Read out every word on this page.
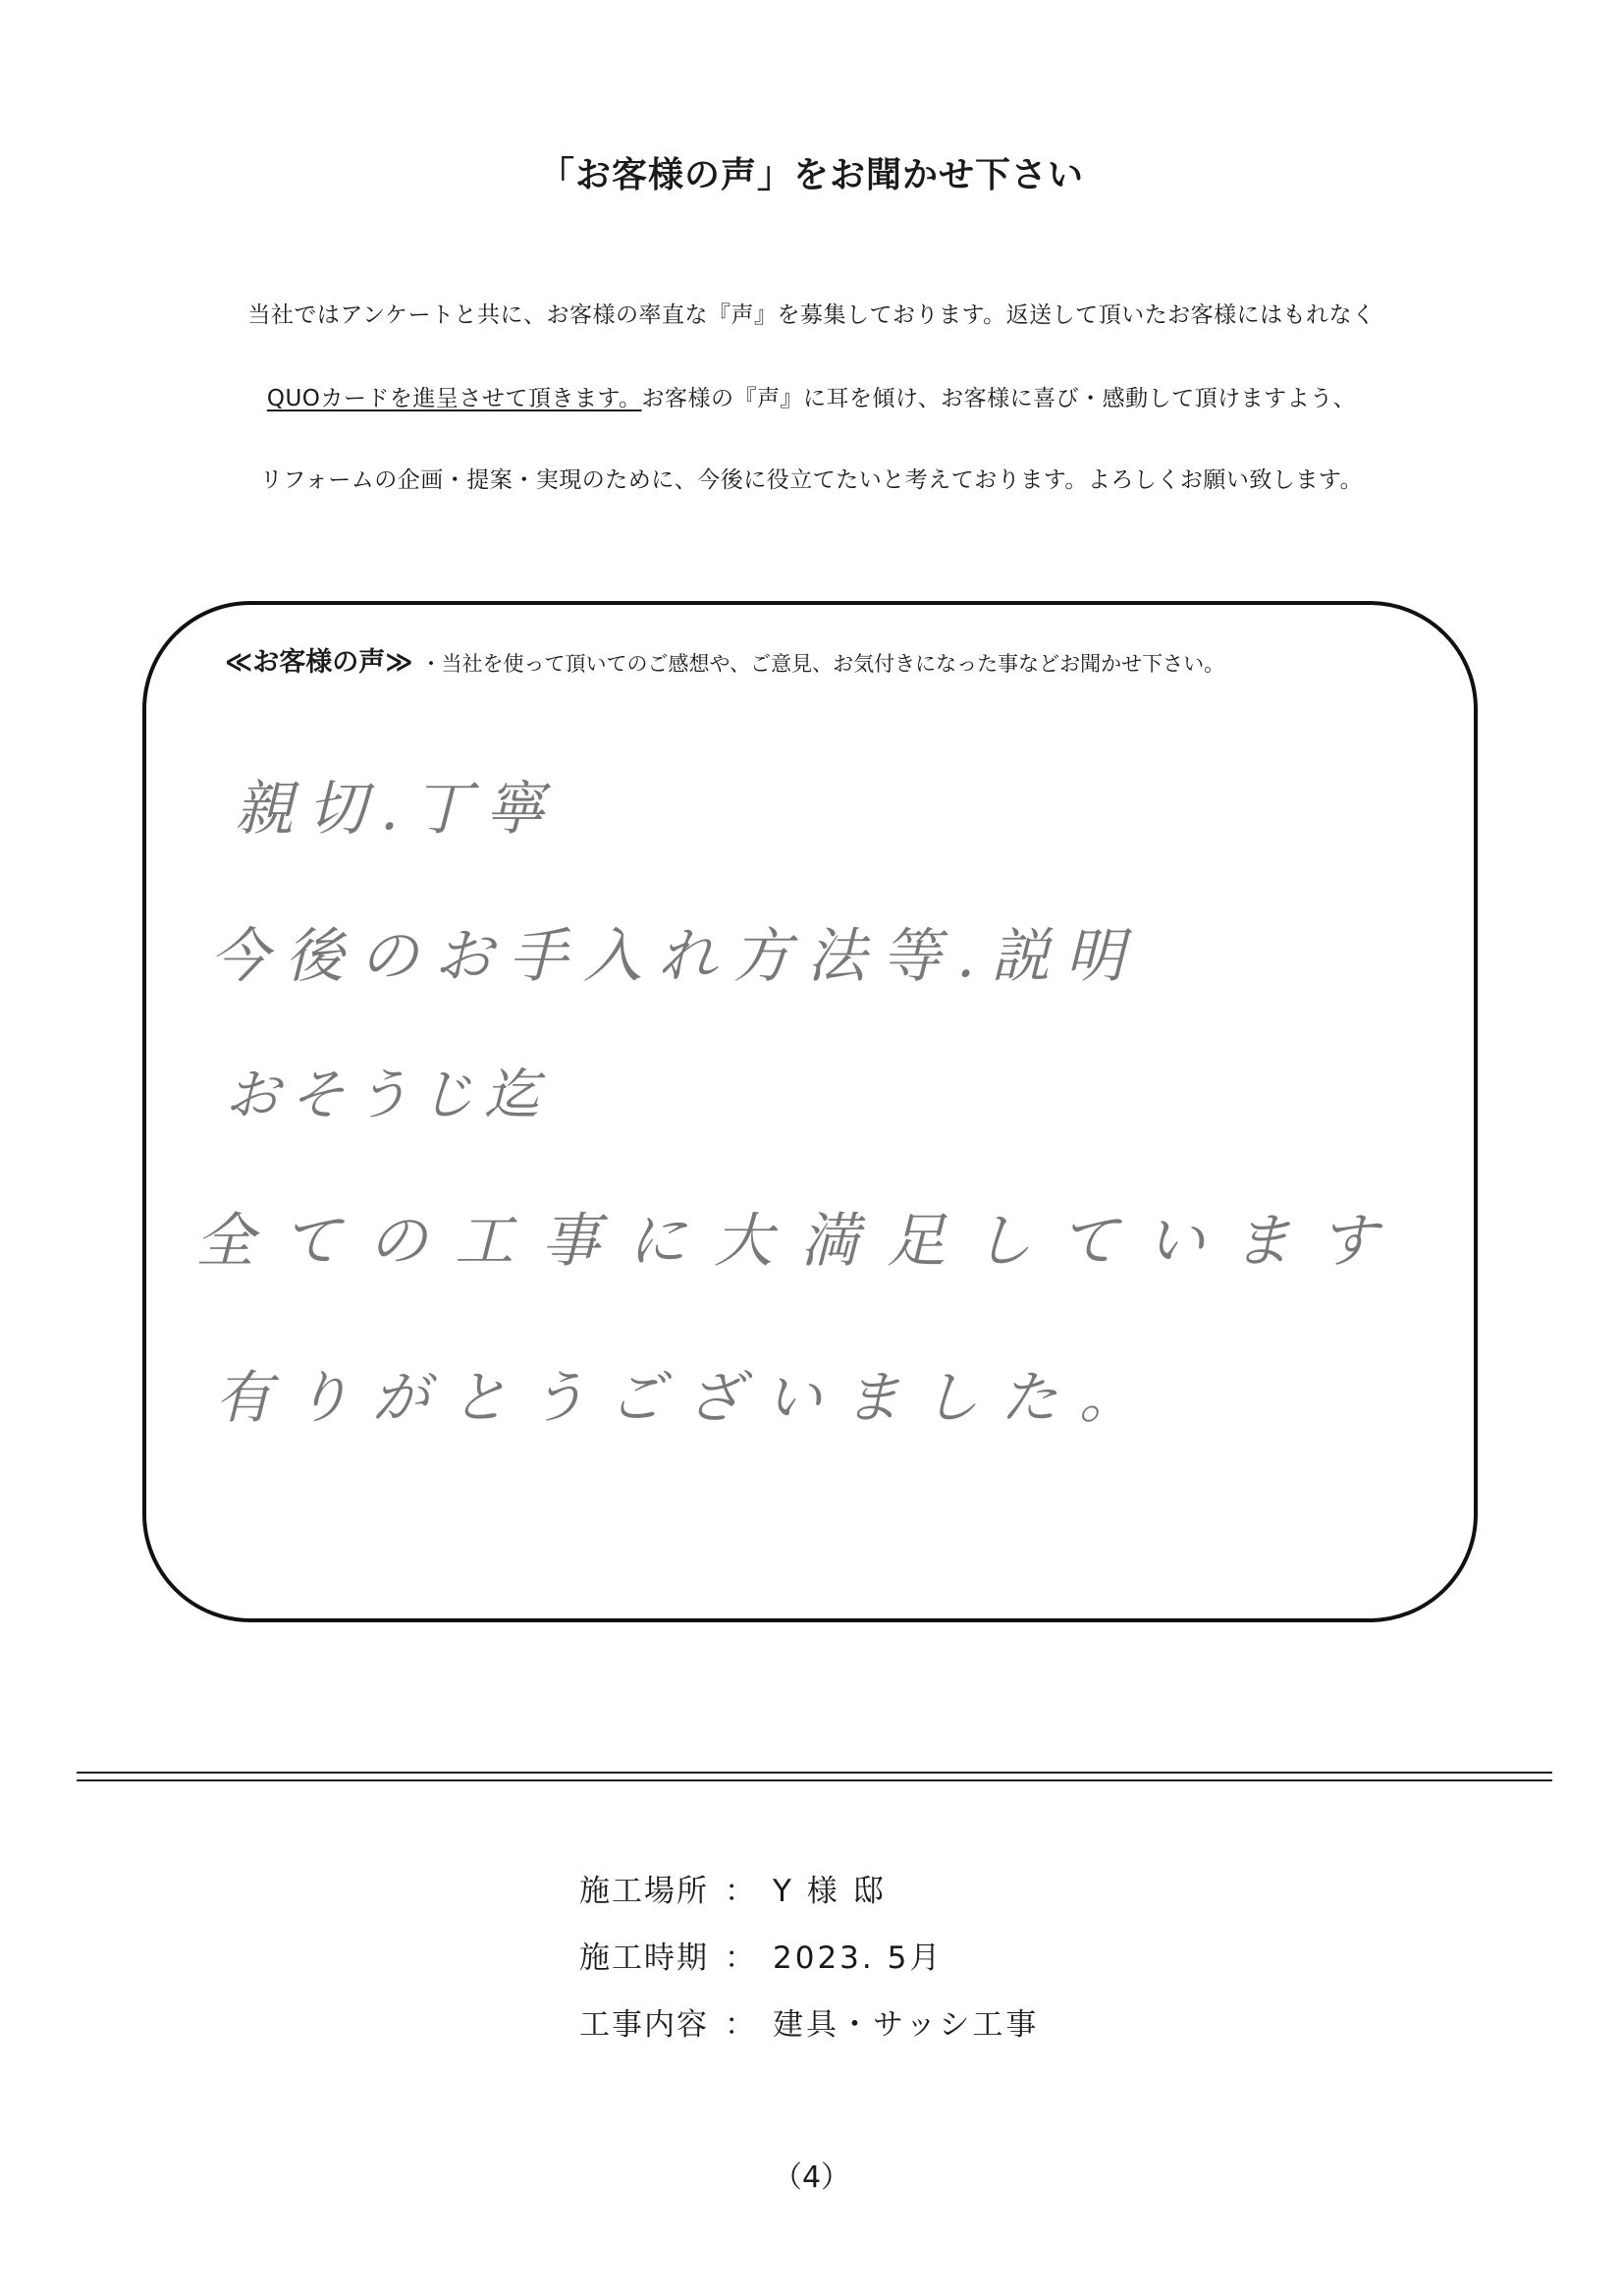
「お客様の声」をお聞かせ下さい
当社ではアンケートと共に、お客様の率直な『声』を募集しております。返送して頂いたお客様にはもれなく
QUOカードを進呈させて頂きます。お客様の『声』に耳を傾け、お客様に喜び・感動して頂けますよう、
リフォームの企画・提案・実現のために、今後に役立てたいと考えております。よろしくお願い致します。
≪お客様の声≫ ・当社を使って頂いてのご感想や、ご意見、お気付きになった事などお聞かせ下さい。
親切.丁寧
今後のお手入れ方法等.説明
おそうじ迄
全ての工事に大満足しています
有りがとうございました。
施工場所 ： Y 様 邸
施工時期 ： 2023. 5月
工事内容 ： 建具・サッシ工事
（4）
